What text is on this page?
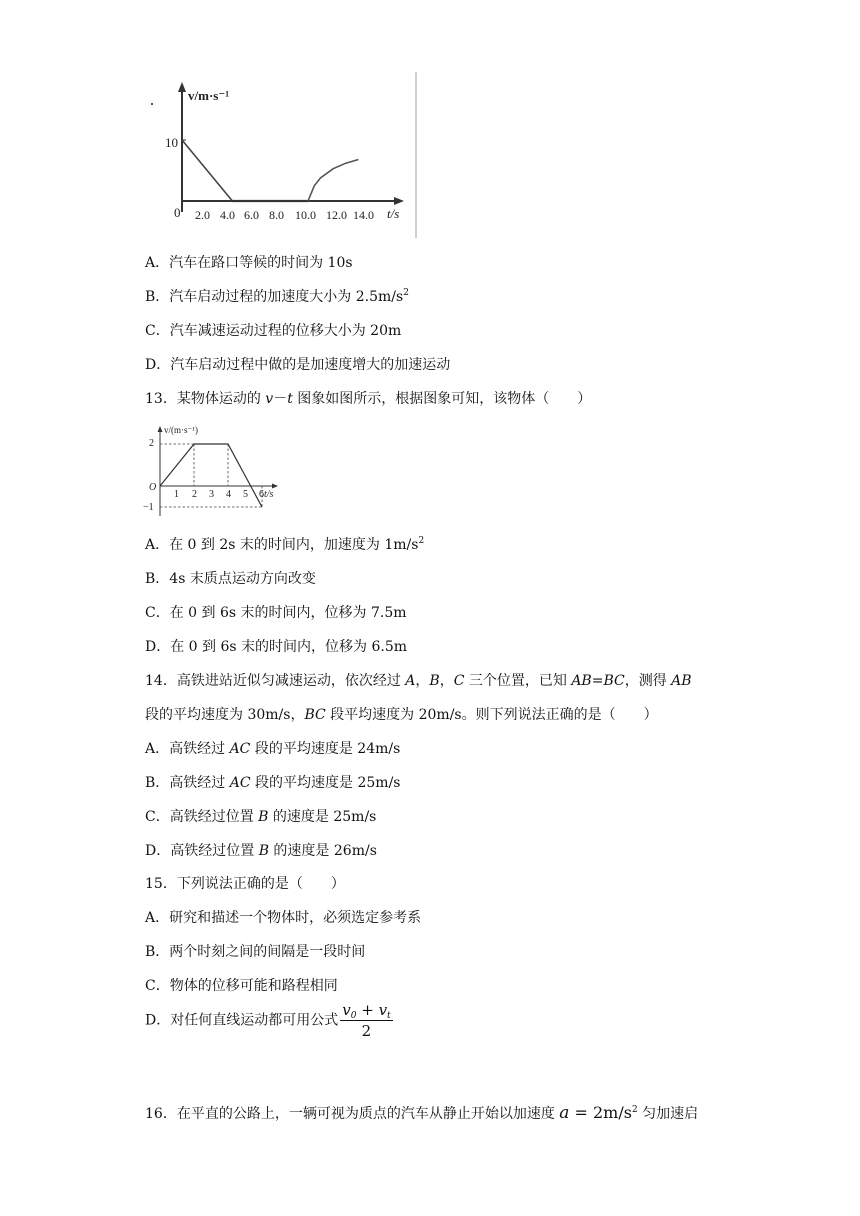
v/m·s⁻¹
10
0	t/s
2.0 4.0 6.0 8.0 10.0 12.0 14.0
A．汽车在路口等候的时间为 10s
B．汽车启动过程的加速度大小为 $2.5m/s^2$
C．汽车减速运动过程的位移大小为 20m
D．汽车启动过程中做的是加速度增大的加速运动
13．某物体运动的 v－t 图象如图所示，根据图象可知，该物体（　　）
v/(m·s⁻¹)
2
−1
O
1 2 3 4 5 6 t/s
A．在 0 到 2s 末的时间内，加速度为 $1m/s^2$
B．4s 末质点运动方向改变
C．在 0 到 6s 末的时间内，位移为 7.5m
D．在 0 到 6s 末的时间内，位移为 6.5m
14．高铁进站近似匀减速运动，依次经过 A，B，C 三个位置，已知 AB=BC，测得 AB
段的平均速度为 30m/s，BC 段平均速度为 20m/s。则下列说法正确的是（　　）
A．高铁经过 AC 段的平均速度是 24m/s
B．高铁经过 AC 段的平均速度是 25m/s
C．高铁经过位置 B 的速度是 25m/s
D．高铁经过位置 B 的速度是 26m/s
15．下列说法正确的是（　　）
A．研究和描述一个物体时，必须选定参考系
B．两个时刻之间的间隔是一段时间
C．物体的位移可能和路程相同
D．对任何直线运动都可用公式 $\frac{v_0 + v_t}{2}$
16．在平直的公路上，一辆可视为质点的汽车从静止开始以加速度 $a = 2m/s^2$ 匀加速启
